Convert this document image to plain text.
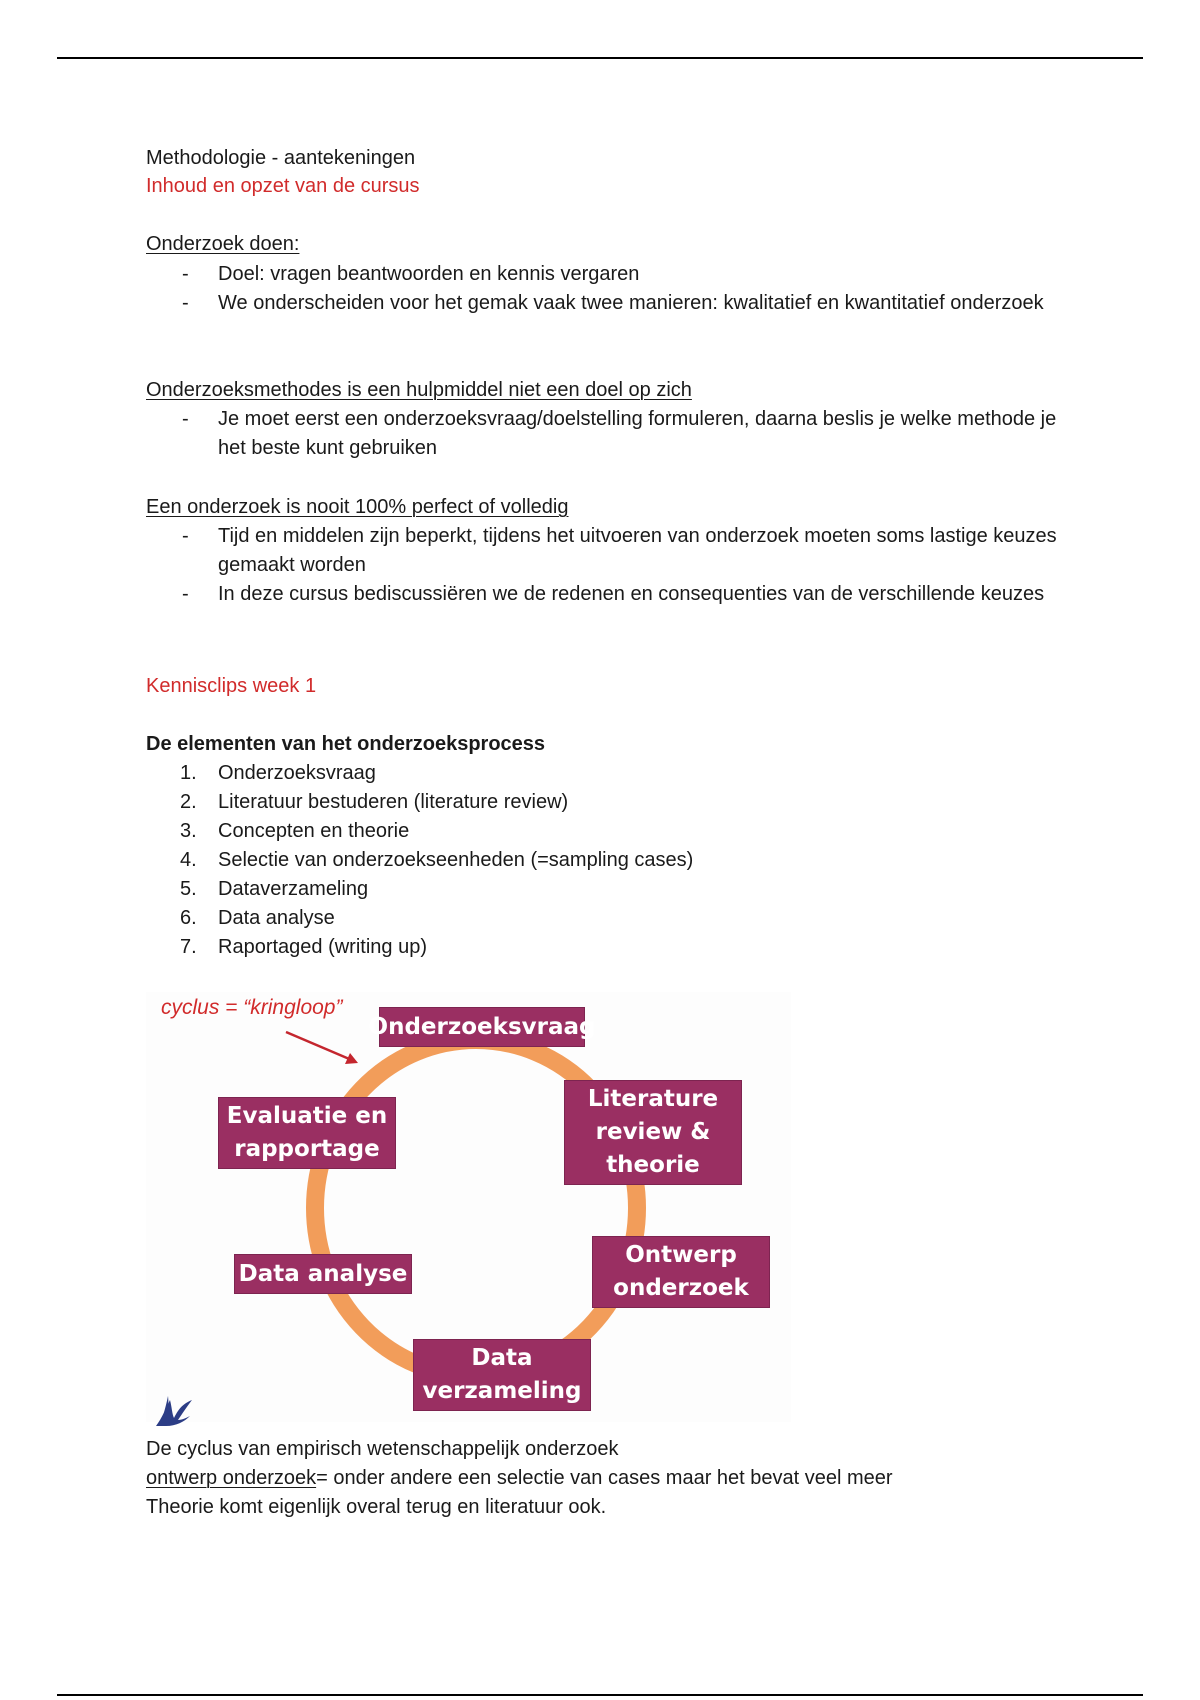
Methodologie - aantekeningen
Inhoud en opzet van de cursus
Onderzoek doen:
-	Doel: vragen beantwoorden en kennis vergaren
-	We onderscheiden voor het gemak vaak twee manieren: kwalitatief en kwantitatief onderzoek
Onderzoeksmethodes is een hulpmiddel niet een doel op zich
-	Je moet eerst een onderzoeksvraag/doelstelling formuleren, daarna beslis je welke methode je het beste kunt gebruiken
Een onderzoek is nooit 100% perfect of volledig
-	Tijd en middelen zijn beperkt, tijdens het uitvoeren van onderzoek moeten soms lastige keuzes gemaakt worden
-	In deze cursus bediscussiëren we de redenen en consequenties van de verschillende keuzes
Kennisclips week 1
De elementen van het onderzoeksprocess
1.	Onderzoeksvraag
2.	Literatuur bestuderen (literature review)
3.	Concepten en theorie
4.	Selectie van onderzoekseenheden (=sampling cases)
5.	Dataverzameling
6.	Data analyse
7.	Raportaged (writing up)
cyclus = “kringloop”
Onderzoeksvraag
Literature
review &
theorie
Ontwerp
onderzoek
Data
verzameling
Data analyse
Evaluatie en
rapportage
De cyclus van empirisch wetenschappelijk onderzoek
ontwerp onderzoek= onder andere een selectie van cases maar het bevat veel meer
Theorie komt eigenlijk overal terug en literatuur ook.
